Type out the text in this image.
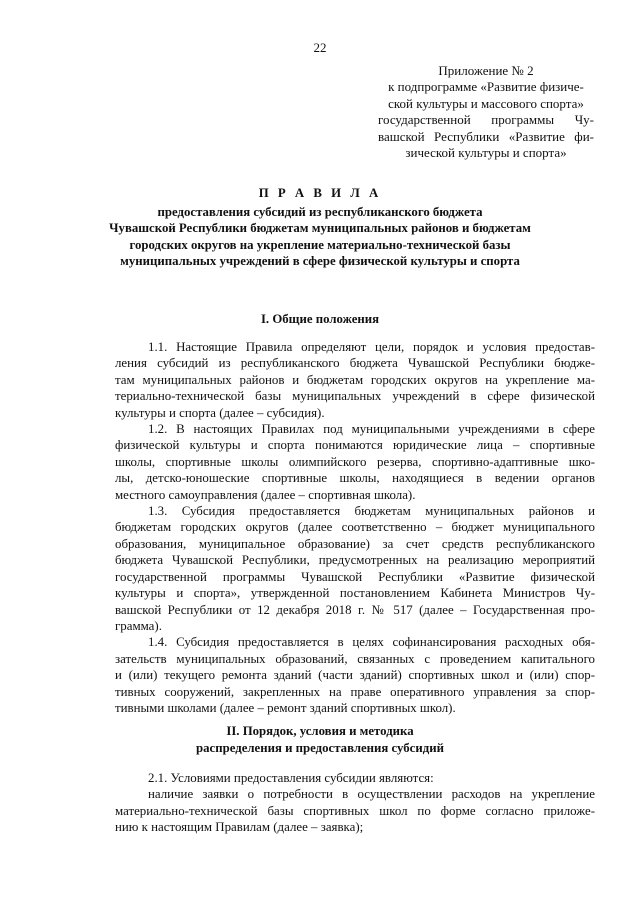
22
Приложение № 2
к подпрограмме «Развитие физиче-
ской культуры и массового спорта»
государственной программы Чу-
вашской Республики «Развитие фи-
зической культуры и спорта»
П Р А В И Л А
предоставления субсидий из республиканского бюджета
Чувашской Республики бюджетам муниципальных районов и бюджетам
городских округов на укрепление материально-технической базы
муниципальных учреждений в сфере физической культуры и спорта
I. Общие положения
1.1. Настоящие Правила определяют цели, порядок и условия предостав-
ления субсидий из республиканского бюджета Чувашской Республики бюдже-
там муниципальных районов и бюджетам городских округов на укрепление ма-
териально-технической базы муниципальных учреждений в сфере физической
культуры и спорта (далее – субсидия).
1.2. В настоящих Правилах под муниципальными учреждениями в сфере
физической культуры и спорта понимаются юридические лица – спортивные
школы, спортивные школы олимпийского резерва, спортивно-адаптивные шко-
лы, детско-юношеские спортивные школы, находящиеся в ведении органов
местного самоуправления (далее – спортивная школа).
1.3. Субсидия предоставляется бюджетам муниципальных районов и
бюджетам городских округов (далее соответственно – бюджет муниципального
образования, муниципальное образование) за счет средств республиканского
бюджета Чувашской Республики, предусмотренных на реализацию мероприятий
государственной программы Чувашской Республики «Развитие физической
культуры и спорта», утвержденной постановлением Кабинета Министров Чу-
вашской Республики от 12 декабря 2018 г. № 517 (далее – Государственная про-
грамма).
1.4. Субсидия предоставляется в целях софинансирования расходных обя-
зательств муниципальных образований, связанных с проведением капитального
и (или) текущего ремонта зданий (части зданий) спортивных школ и (или) спор-
тивных сооружений, закрепленных на праве оперативного управления за спор-
тивными школами (далее – ремонт зданий спортивных школ).
II. Порядок, условия и методика
распределения и предоставления субсидий
2.1. Условиями предоставления субсидии являются:
наличие заявки о потребности в осуществлении расходов на укрепление
материально-технической базы спортивных школ по форме согласно приложе-
нию к настоящим Правилам (далее – заявка);
